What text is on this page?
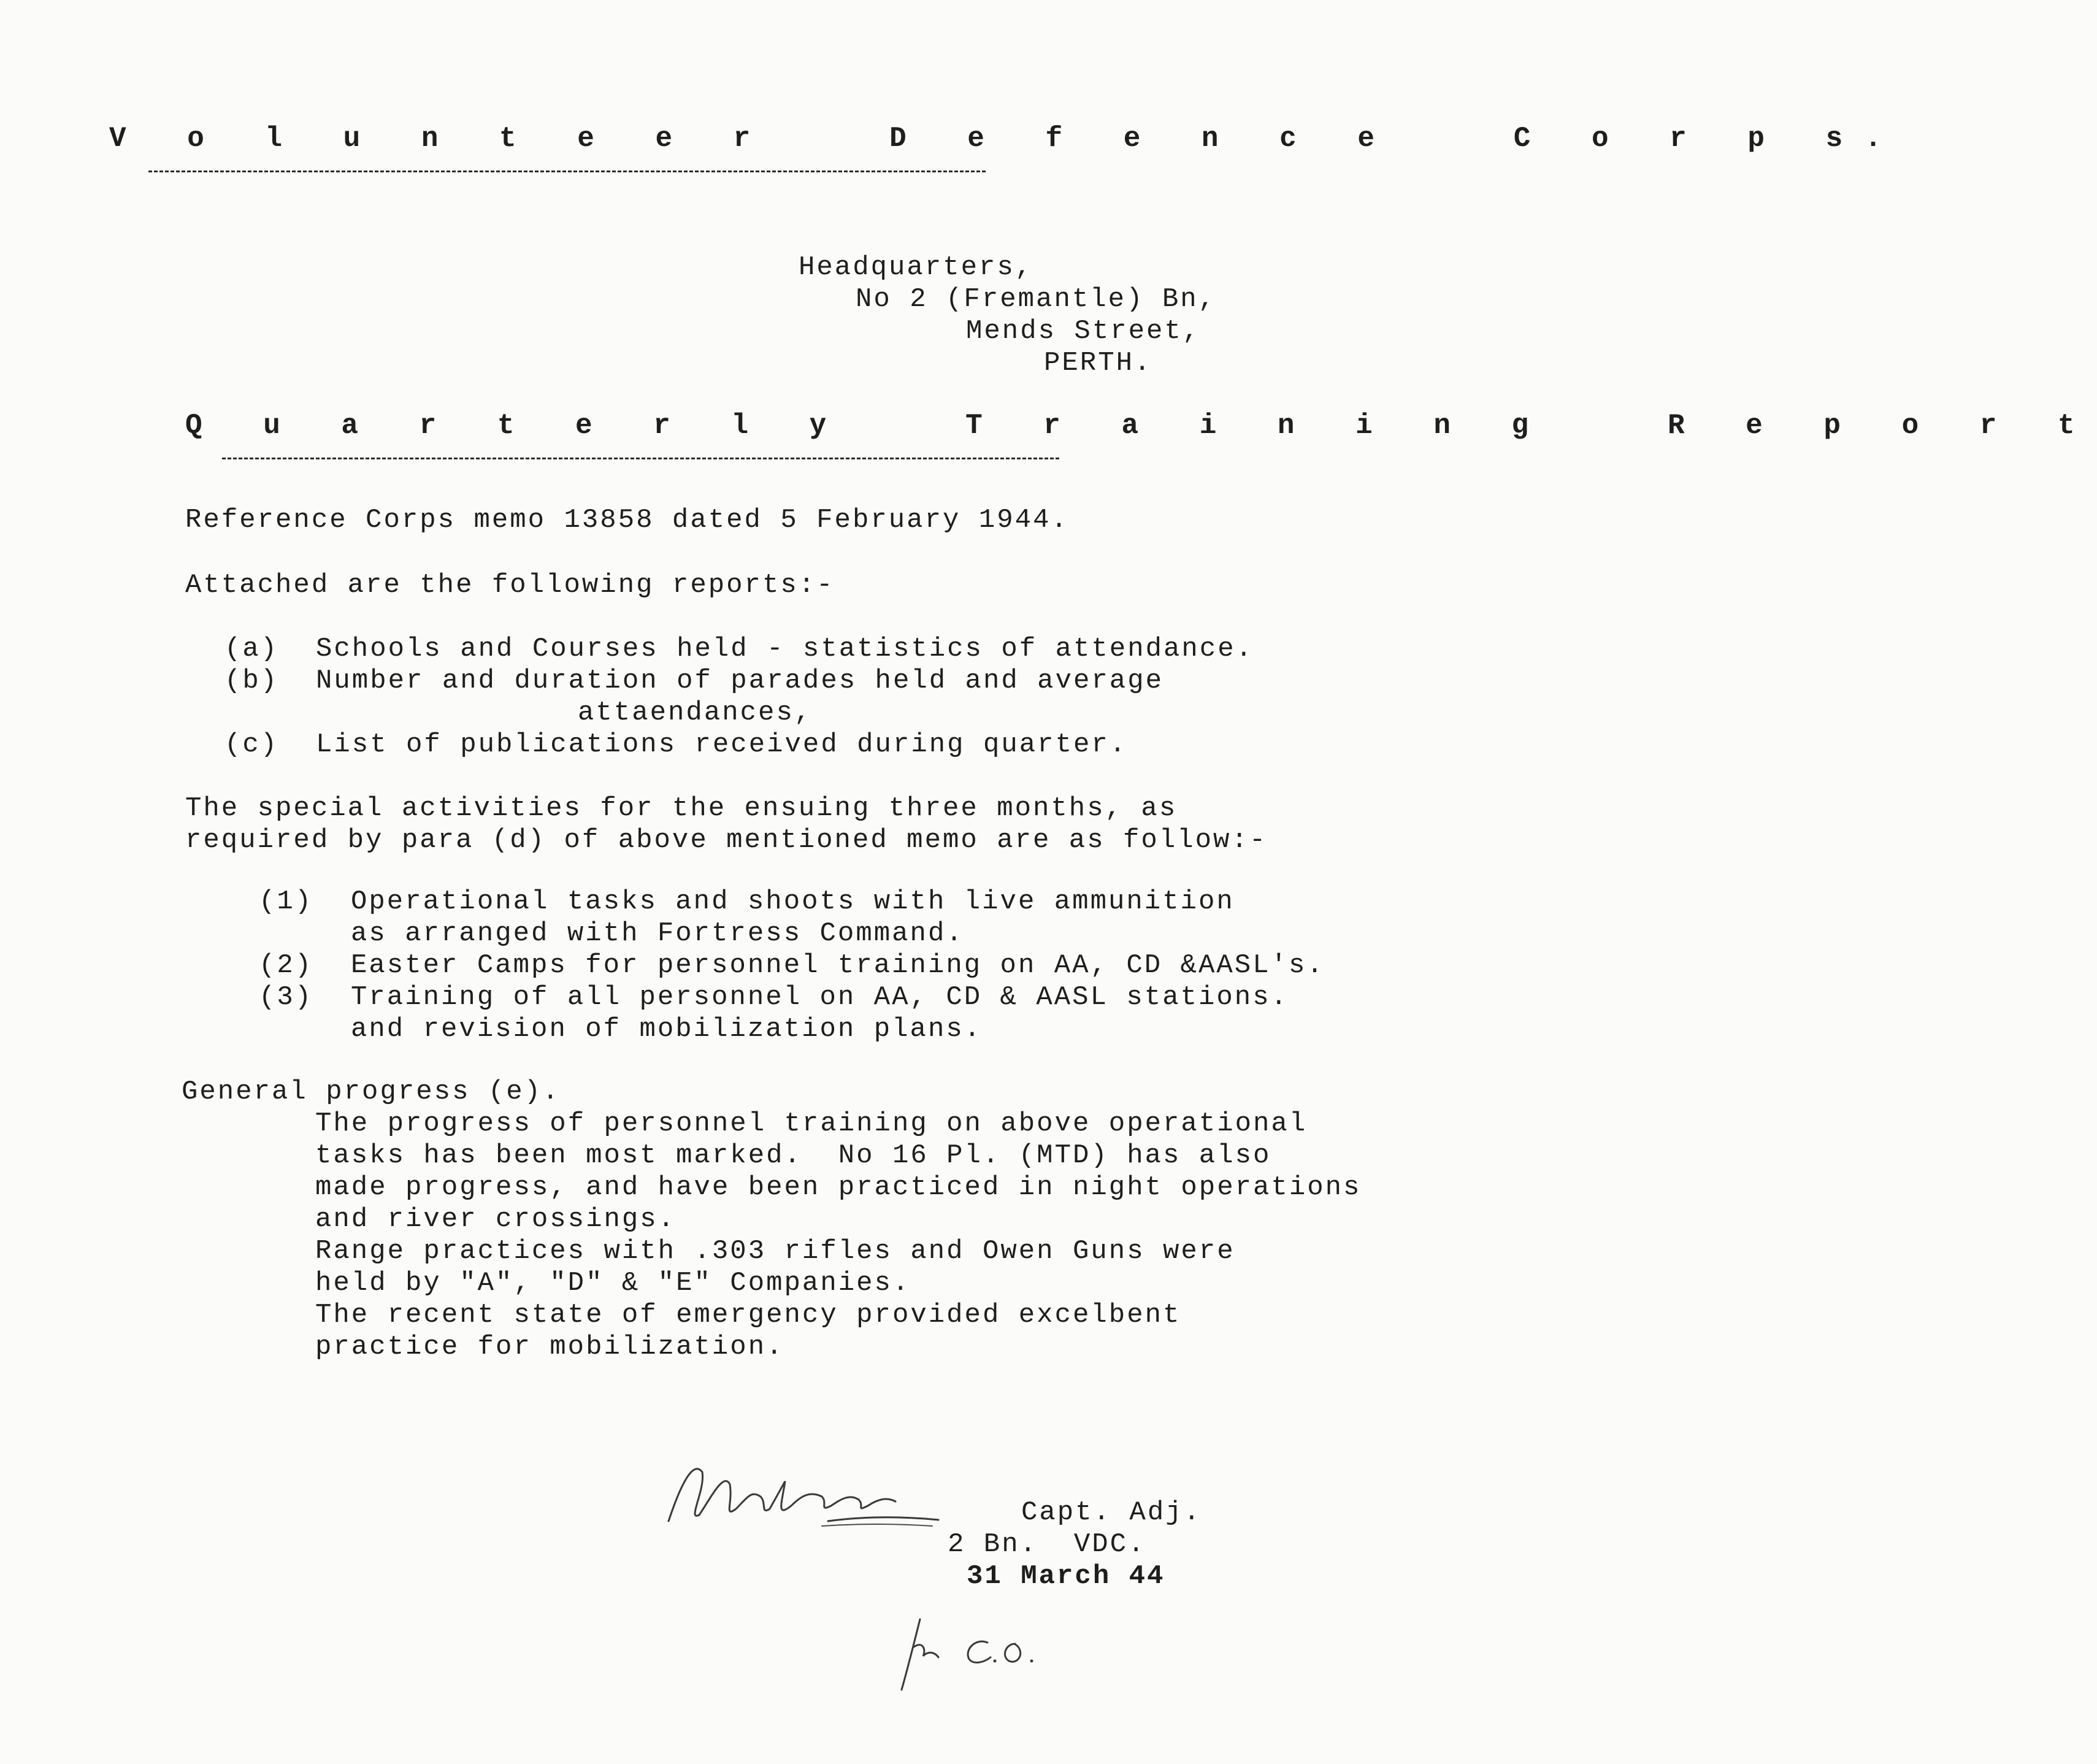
V o l u n t e e r   D e f e n c e   C o r p s.
Headquarters,
No 2 (Fremantle) Bn,
Mends Street,
PERTH.
Q u a r t e r l y   T r a i n i n g   R e p o r t
Reference Corps memo 13858 dated 5 February 1944.
Attached are the following reports:-
(a) Schools and Courses held - statistics of attendance.
(b) Number and duration of parades held and average
attaendances,
(c) List of publications received during quarter.
The special activities for the ensuing three months, as
required by para (d) of above mentioned memo are as follow:-
(1) Operational tasks and shoots with live ammunition
as arranged with Fortress Command.
(2) Easter Camps for personnel training on AA, CD &AASL's.
(3) Training of all personnel on AA, CD & AASL stations.
and revision of mobilization plans.
General progress (e).
The progress of personnel training on above operational
tasks has been most marked.  No 16 Pl. (MTD) has also
made progress, and have been practiced in night operations
and river crossings.
Range practices with .303 rifles and Owen Guns were
held by "A", "D" & "E" Companies.
The recent state of emergency provided excelbent
practice for mobilization.
Capt. Adj.
2 Bn.  VDC.
31 March 44
